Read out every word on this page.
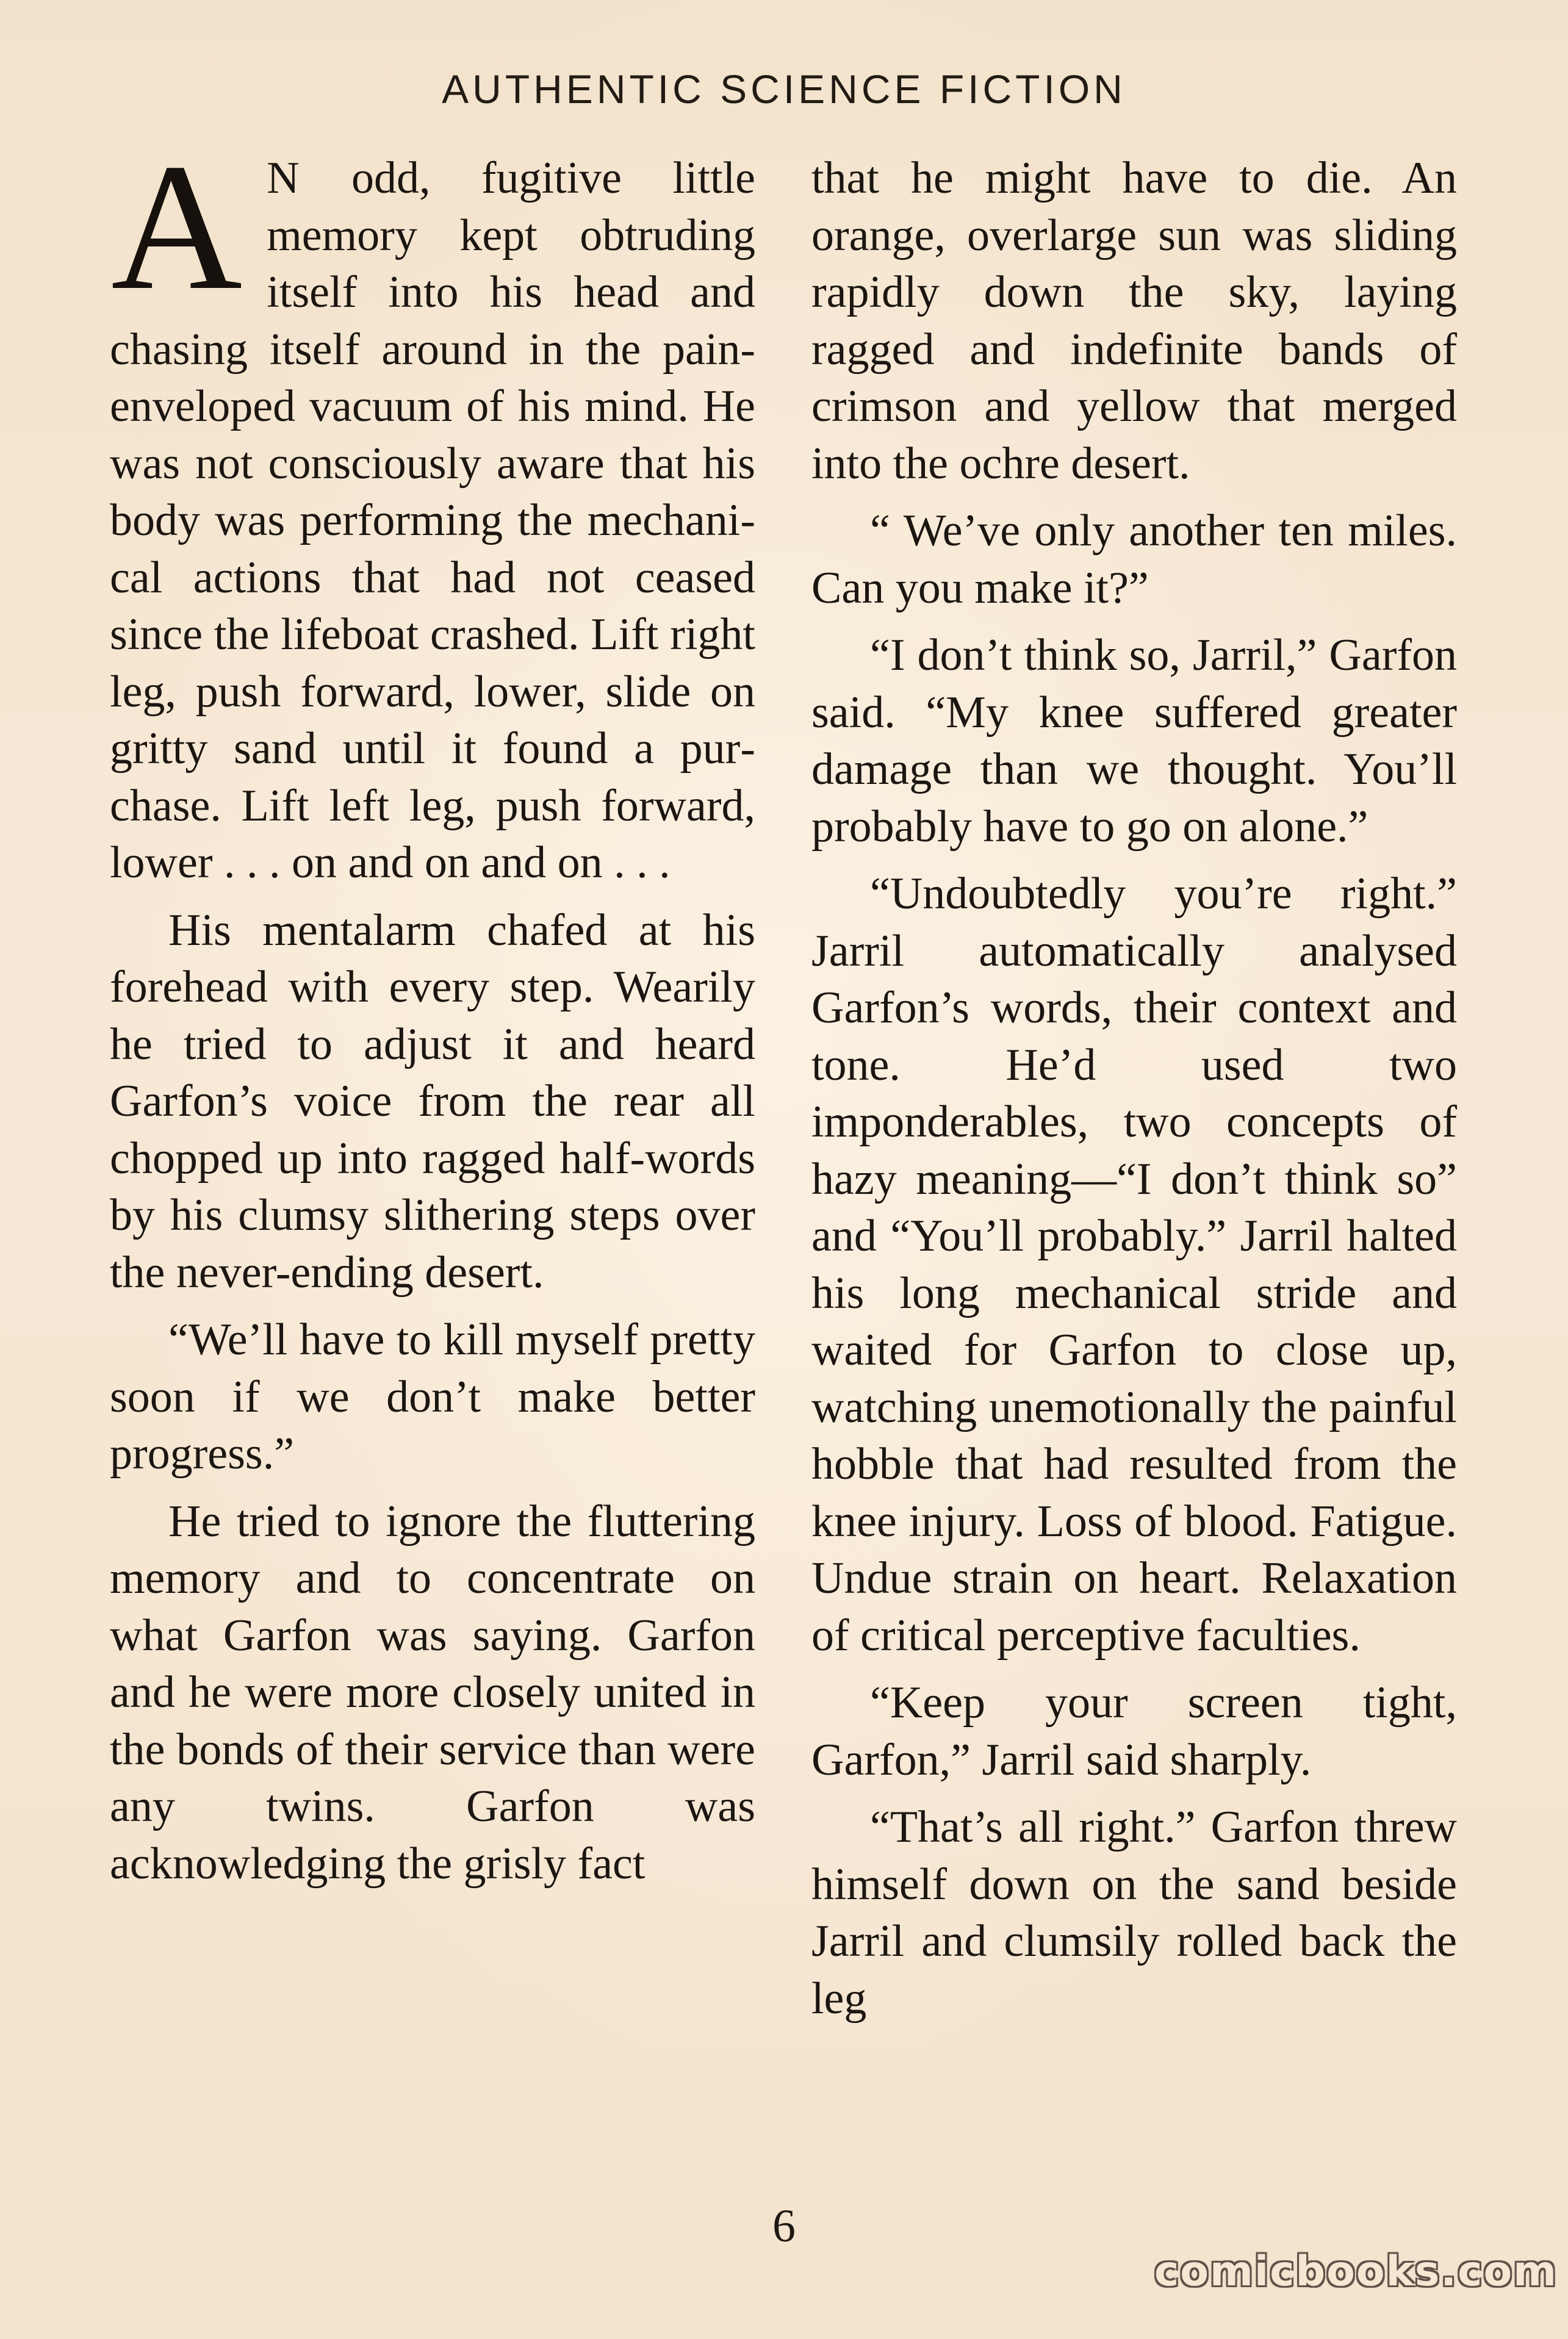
AUTHENTIC SCIENCE FICTION

A N odd, fugitive little memory kept obtruding itself into his head and chasing itself around in the pain-enveloped vacuum of his mind. He was not consciously aware that his body was performing the mechanical actions that had not ceased since the lifeboat crashed. Lift right leg, push forward, lower, slide on gritty sand until it found a purchase. Lift left leg, push forward, lower . . . on and on and on . . .

His mentalarm chafed at his forehead with every step. Wearily he tried to adjust it and heard Garfon’s voice from the rear all chopped up into ragged half-words by his clumsy slithering steps over the never-ending desert.

“We’ll have to kill myself pretty soon if we don’t make better progress.”

He tried to ignore the fluttering memory and to concentrate on what Garfon was saying. Garfon and he were more closely united in the bonds of their service than were any twins. Garfon was acknowledging the grisly fact

that he might have to die. An orange, overlarge sun was sliding rapidly down the sky, laying ragged and indefinite bands of crimson and yellow that merged into the ochre desert.

“ We’ve only another ten miles. Can you make it?”

“I don’t think so, Jarril,” Garfon said. “My knee suffered greater damage than we thought. You’ll probably have to go on alone.”

“Undoubtedly you’re right.” Jarril automatically analysed Garfon’s words, their context and tone. He’d used two imponderables, two concepts of hazy meaning—“I don’t think so” and “You’ll probably.” Jarril halted his long mechanical stride and waited for Garfon to close up, watching unemotionally the painful hobble that had resulted from the knee injury. Loss of blood. Fatigue. Undue strain on heart. Relaxation of critical perceptive faculties.

“Keep your screen tight, Garfon,” Jarril said sharply.

“That’s all right.” Garfon threw himself down on the sand beside Jarril and clumsily rolled back the leg

6
comicbooks.com
